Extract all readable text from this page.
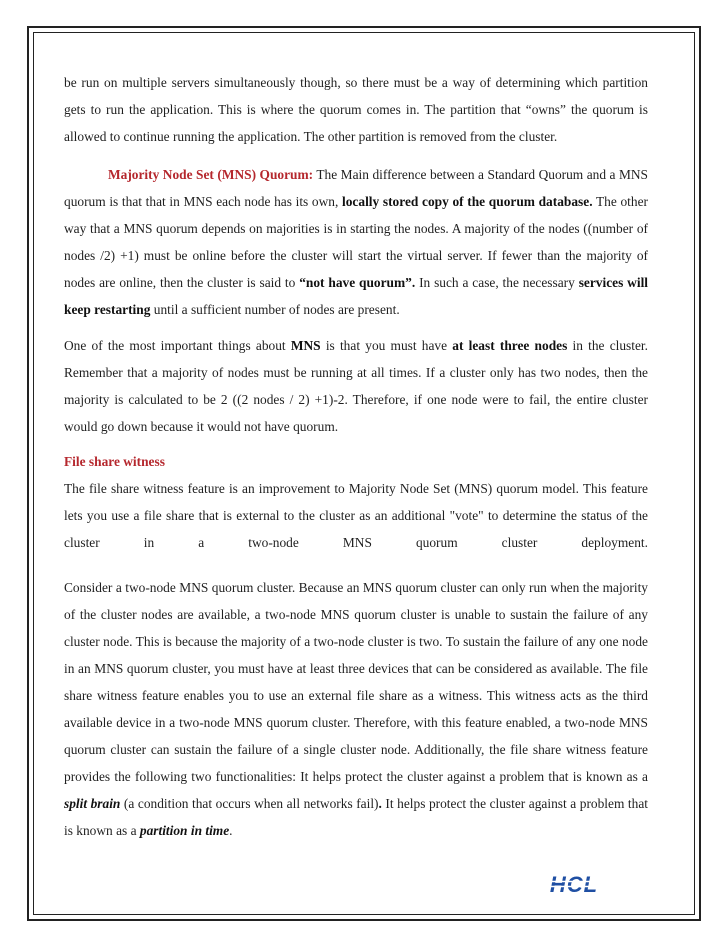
be run on multiple servers simultaneously though, so there must be a way of determining which partition gets to run the application. This is where the quorum comes in. The partition that “owns” the quorum is allowed to continue running the application. The other partition is removed from the cluster.

Majority Node Set (MNS) Quorum: The Main difference between a Standard Quorum and a MNS quorum is that that in MNS each node has its own, locally stored copy of the quorum database. The other way that a MNS quorum depends on majorities is in starting the nodes. A majority of the nodes ((number of nodes /2) +1) must be online before the cluster will start the virtual server. If fewer than the majority of nodes are online, then the cluster is said to “not have quorum”. In such a case, the necessary services will keep restarting until a sufficient number of nodes are present.

One of the most important things about MNS is that you must have at least three nodes in the cluster. Remember that a majority of nodes must be running at all times. If a cluster only has two nodes, then the majority is calculated to be 2 ((2 nodes / 2) +1)-2. Therefore, if one node were to fail, the entire cluster would go down because it would not have quorum.

File share witness

The file share witness feature is an improvement to Majority Node Set (MNS) quorum model. This feature lets you use a file share that is external to the cluster as an additional "vote" to determine the status of the cluster in a two-node MNS quorum cluster deployment.

Consider a two-node MNS quorum cluster. Because an MNS quorum cluster can only run when the majority of the cluster nodes are available, a two-node MNS quorum cluster is unable to sustain the failure of any cluster node. This is because the majority of a two-node cluster is two. To sustain the failure of any one node in an MNS quorum cluster, you must have at least three devices that can be considered as available. The file share witness feature enables you to use an external file share as a witness. This witness acts as the third available device in a two-node MNS quorum cluster. Therefore, with this feature enabled, a two-node MNS quorum cluster can sustain the failure of a single cluster node. Additionally, the file share witness feature provides the following two functionalities: It helps protect the cluster against a problem that is known as a split brain (a condition that occurs when all networks fail). It helps protect the cluster against a problem that is known as a partition in time.

HCL
